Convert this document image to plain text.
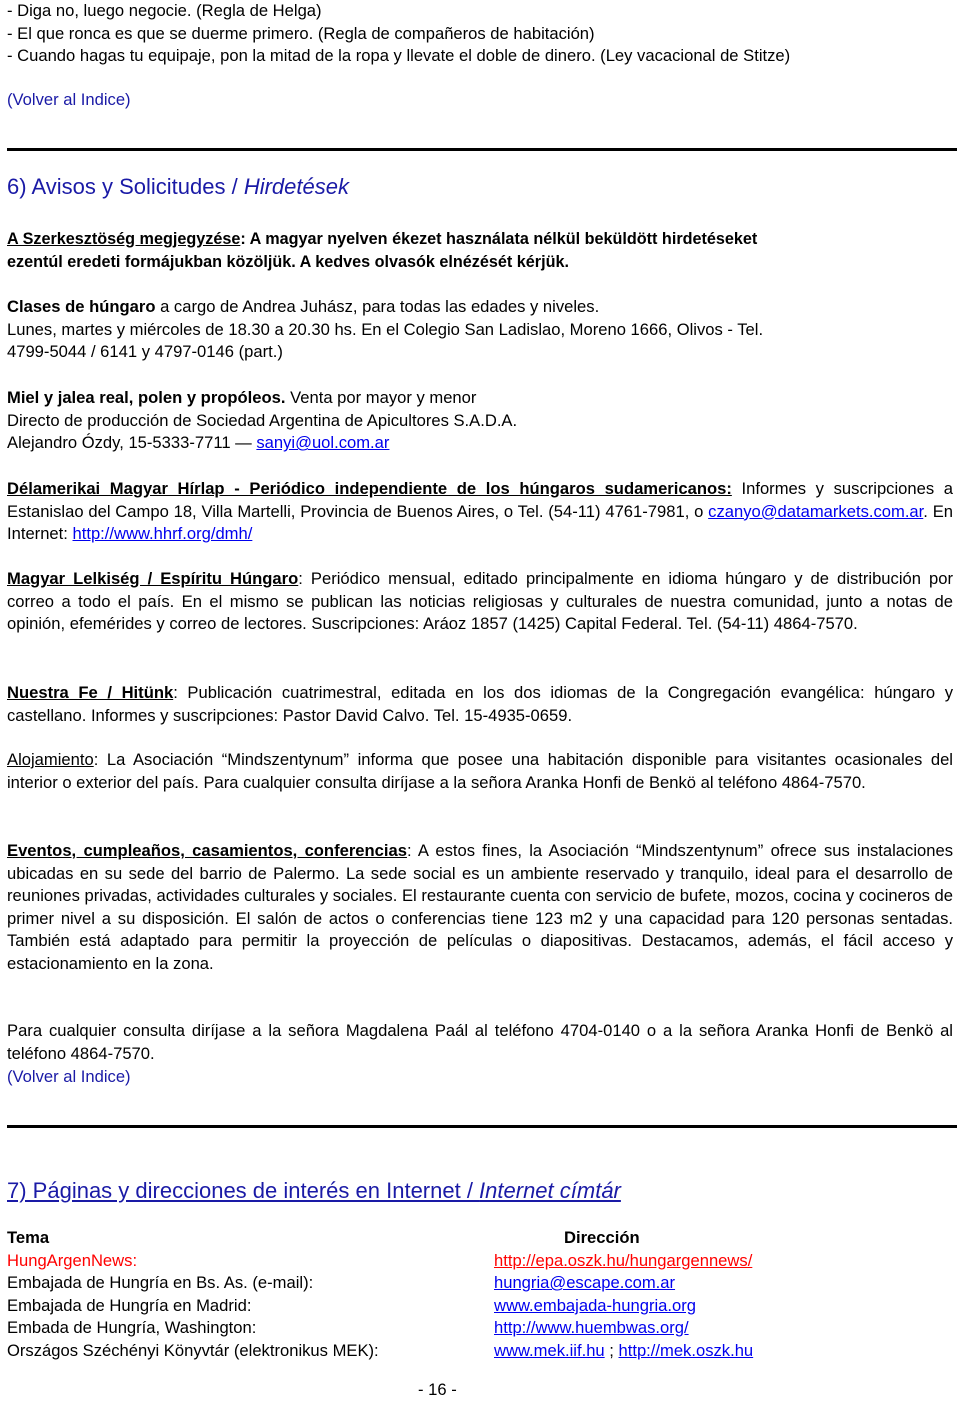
- Diga no, luego negocie. (Regla de Helga)
- El que ronca es que se duerme primero. (Regla de compañeros de habitación)
- Cuando hagas tu equipaje, pon la mitad de la ropa y llevate el doble de dinero. (Ley vacacional de Stitze)
(Volver al Indice)
6) Avisos y Solicitudes / Hirdetések
A Szerkesztöség megjegyzése: A magyar nyelven ékezet használata nélkül beküldött hirdetéseket
ezentúl eredeti formájukban közöljük. A kedves olvasók elnézését kérjük.
Clases de húngaro a cargo de Andrea Juhász, para todas las edades y niveles.
Lunes, martes y miércoles de 18.30 a 20.30 hs. En el Colegio San Ladislao, Moreno 1666, Olivos - Tel.
4799-5044 / 6141 y 4797-0146 (part.)
Miel y jalea real, polen y propóleos. Venta por mayor y menor
Directo de producción de Sociedad Argentina de Apicultores S.A.D.A.
Alejandro Ózdy, 15-5333-7711 — sanyi@uol.com.ar
Délamerikai Magyar Hírlap - Periódico independiente de los húngaros sudamericanos: Informes y suscripciones a Estanislao del Campo 18, Villa Martelli, Provincia de Buenos Aires, o Tel. (54-11) 4761-7981, o czanyo@datamarkets.com.ar. En Internet: http://www.hhrf.org/dmh/
Magyar Lelkiség / Espíritu Húngaro: Periódico mensual, editado principalmente en idioma húngaro y de distribución por correo a todo el país. En el mismo se publican las noticias religiosas y culturales de nuestra comunidad, junto a notas de opinión, efemérides y correo de lectores. Suscripciones: Aráoz 1857 (1425) Capital Federal. Tel. (54-11) 4864-7570.
Nuestra Fe / Hitünk: Publicación cuatrimestral, editada en los dos idiomas de la Congregación evangélica: húngaro y castellano. Informes y suscripciones: Pastor David Calvo. Tel. 15-4935-0659.
Alojamiento: La Asociación “Mindszentynum” informa que posee una habitación disponible para visitantes ocasionales del interior o exterior del país. Para cualquier consulta diríjase a la señora Aranka Honfi de Benkö al teléfono 4864-7570.
Eventos, cumpleaños, casamientos, conferencias: A estos fines, la Asociación “Mindszentynum” ofrece sus instalaciones ubicadas en su sede del barrio de Palermo. La sede social es un ambiente reservado y tranquilo, ideal para el desarrollo de reuniones privadas, actividades culturales y sociales. El restaurante cuenta con servicio de bufete, mozos, cocina y cocineros de primer nivel a su disposición. El salón de actos o conferencias tiene 123 m2 y una capacidad para 120 personas sentadas. También está adaptado para permitir la proyección de películas o diapositivas. Destacamos, además, el fácil acceso y estacionamiento en la zona.
Para cualquier consulta diríjase a la señora Magdalena Paál al teléfono 4704-0140 o a la señora Aranka Honfi de Benkö al teléfono 4864-7570.
(Volver al Indice)
7) Páginas y direcciones de interés en Internet / Internet címtár
Tema	Dirección
HungArgenNews:	http://epa.oszk.hu/hungargennews/
Embajada de Hungría en Bs. As. (e-mail):	hungria@escape.com.ar
Embajada de Hungría en Madrid:	www.embajada-hungria.org
Embada de Hungría, Washington:	http://www.huembwas.org/
Országos Széchényi Könyvtár (elektronikus MEK):	www.mek.iif.hu ; http://mek.oszk.hu
- 16 -
